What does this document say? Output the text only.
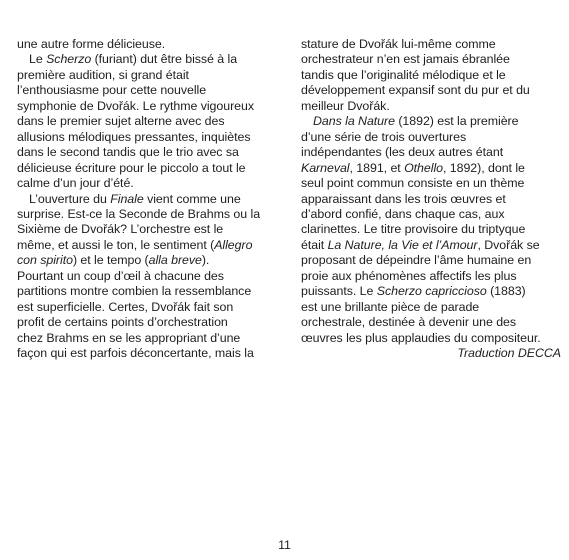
une autre forme délicieuse.
Le Scherzo (furiant) dut être bissé à la
première audition, si grand était
l’enthousiasme pour cette nouvelle
symphonie de Dvořák. Le rythme vigoureux
dans le premier sujet alterne avec des
allusions mélodiques pressantes, inquiètes
dans le second tandis que le trio avec sa
délicieuse écriture pour le piccolo a tout le
calme d’un jour d’été.
L’ouverture du Finale vient comme une
surprise. Est-ce la Seconde de Brahms ou la
Sixième de Dvořák? L’orchestre est le
même, et aussi le ton, le sentiment (Allegro
con spirito) et le tempo (alla breve).
Pourtant un coup d’œil à chacune des
partitions montre combien la ressemblance
est superficielle. Certes, Dvořák fait son
profit de certains points d’orchestration
chez Brahms en se les appropriant d’une
façon qui est parfois déconcertante, mais la
stature de Dvořák lui-même comme
orchestrateur n’en est jamais ébranlée
tandis que l’originalité mélodique et le
développement expansif sont du pur et du
meilleur Dvořák.
Dans la Nature (1892) est la première
d’une série de trois ouvertures
indépendantes (les deux autres étant
Karneval, 1891, et Othello, 1892), dont le
seul point commun consiste en un thème
apparaissant dans les trois œuvres et
d’abord confié, dans chaque cas, aux
clarinettes. Le titre provisoire du triptyque
était La Nature, la Vie et l’Amour, Dvořák se
proposant de dépeindre l’âme humaine en
proie aux phénomènes affectifs les plus
puissants. Le Scherzo capriccioso (1883)
est une brillante pièce de parade
orchestrale, destinée à devenir une des
œuvres les plus applaudies du compositeur.
Traduction DECCA
11
